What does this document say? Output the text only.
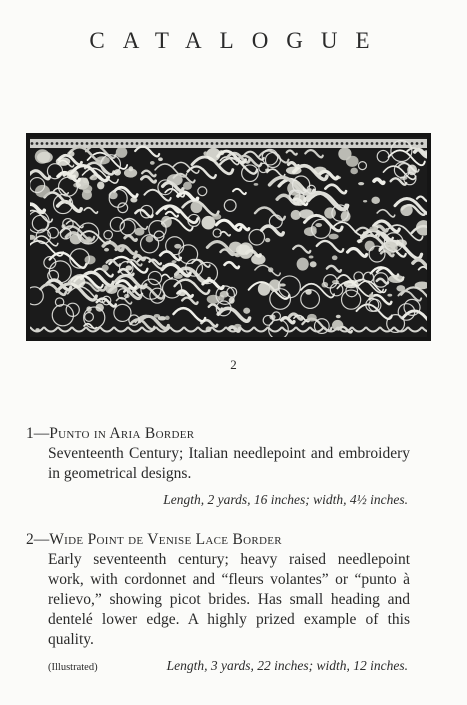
CATALOGUE
2

1—Punto in Aria Border

Seventeenth Century; Italian needlepoint and embroidery in geometrical designs.

Length, 2 yards, 16 inches; width, 4½ inches.

2—Wide Point de Venise Lace Border

Early seventeenth century; heavy raised needlepoint work, with cordonnet and “fleurs volantes” or “punto à relievo,” showing picot brides. Has small heading and dentelé lower edge. A highly prized example of this quality.

(Illustrated)	Length, 3 yards, 22 inches; width, 12 inches.
